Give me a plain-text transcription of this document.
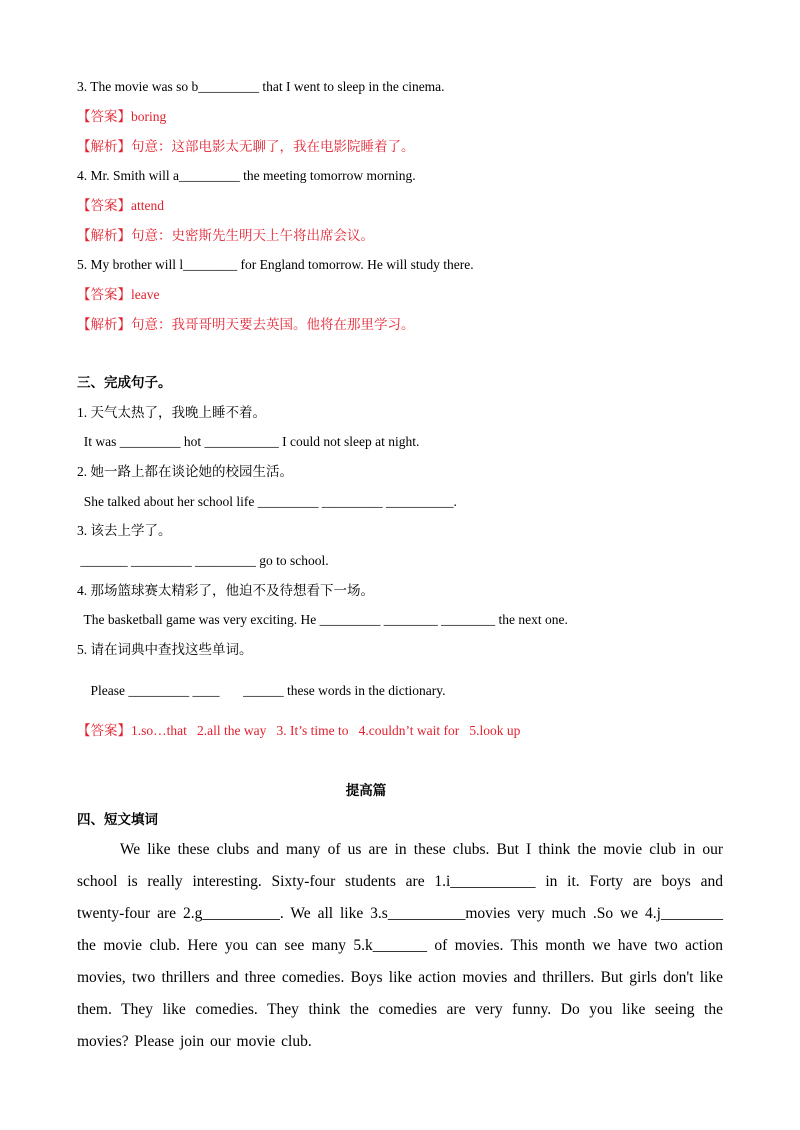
3. The movie was so b_________ that I went to sleep in the cinema.
【答案】boring
【解析】句意：这部电影太无聊了，我在电影院睡着了。
4. Mr. Smith will a_________ the meeting tomorrow morning.
【答案】attend
【解析】句意：史密斯先生明天上午将出席会议。
5. My brother will l________ for England tomorrow. He will study there.
【答案】leave
【解析】句意：我哥哥明天要去英国。他将在那里学习。
三、完成句子。
1. 天气太热了，我晚上睡不着。
It was _________ hot ___________ I could not sleep at night.
2. 她一路上都在谈论她的校园生活。
She talked about her school life _________ _________ __________.
3. 该去上学了。
_______ _________ _________ go to school.
4. 那场篮球赛太精彩了，他迫不及待想看下一场。
The basketball game was very exciting. He _________ ________ ________ the next one.
5. 请在词典中查找这些单词。
Please _________ ____       ______ these words in the dictionary.
【答案】1.so…that   2.all the way   3. It’s time to   4.couldn’t wait for   5.look up
提高篇
四、短文填词
We like these clubs and many of us are in these clubs. But I think the movie club in our school is really interesting. Sixty-four students are 1.i___________ in it. Forty are boys and twenty-four are 2.g__________. We all like 3.s__________movies very much .So we 4.j________ the movie club. Here you can see many 5.k_______ of movies. This month we have two action movies, two thrillers and three comedies. Boys like action movies and thrillers. But girls don't like them. They like comedies. They think the comedies are very funny. Do you like seeing the movies? Please join our movie club.
